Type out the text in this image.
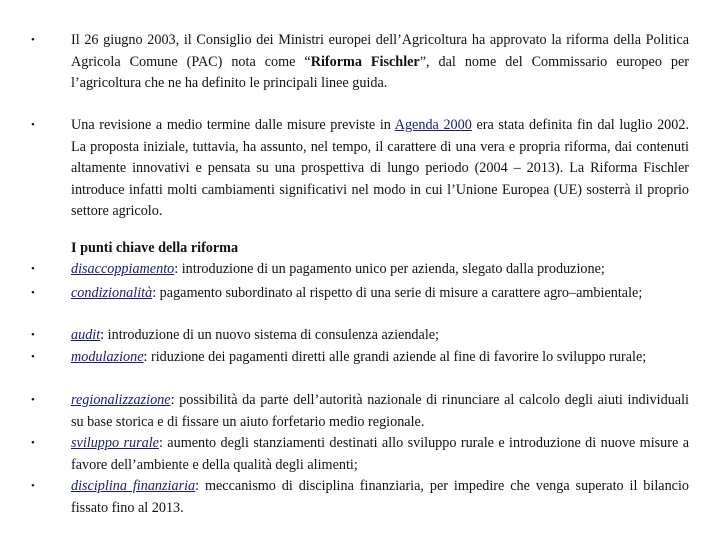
•	Il 26 giugno 2003, il Consiglio dei Ministri europei dell’Agricoltura ha approvato la riforma della Politica Agricola Comune (PAC) nota come “Riforma Fischler”, dal nome del Commissario europeo per l’agricoltura che ne ha definito le principali linee guida.
•	Una revisione a medio termine dalle misure previste in Agenda 2000 era stata definita fin dal luglio 2002. La proposta iniziale, tuttavia, ha assunto, nel tempo, il carattere di una vera e propria riforma, dai contenuti altamente innovativi e pensata su una prospettiva di lungo periodo (2004 – 2013). La Riforma Fischler introduce infatti molti cambiamenti significativi nel modo in cui l’Unione Europea (UE) sosterrà il proprio settore agricolo.
I punti chiave della riforma
•	disaccoppiamento: introduzione di un pagamento unico per azienda, slegato dalla produzione;
•	condizionalità: pagamento subordinato al rispetto di una serie di misure a carattere agro–ambientale;
•	audit: introduzione di un nuovo sistema di consulenza aziendale;
•	modulazione: riduzione dei pagamenti diretti alle grandi aziende al fine di favorire lo sviluppo rurale;
•	regionalizzazione: possibilità da parte dell’autorità nazionale di rinunciare al calcolo degli aiuti individuali su base storica e di fissare un aiuto forfetario medio regionale.
•	sviluppo rurale: aumento degli stanziamenti destinati allo sviluppo rurale e introduzione di nuove misure a favore dell’ambiente e della qualità degli alimenti;
•	disciplina finanziaria: meccanismo di disciplina finanziaria, per impedire che venga superato il bilancio fissato fino al 2013.
